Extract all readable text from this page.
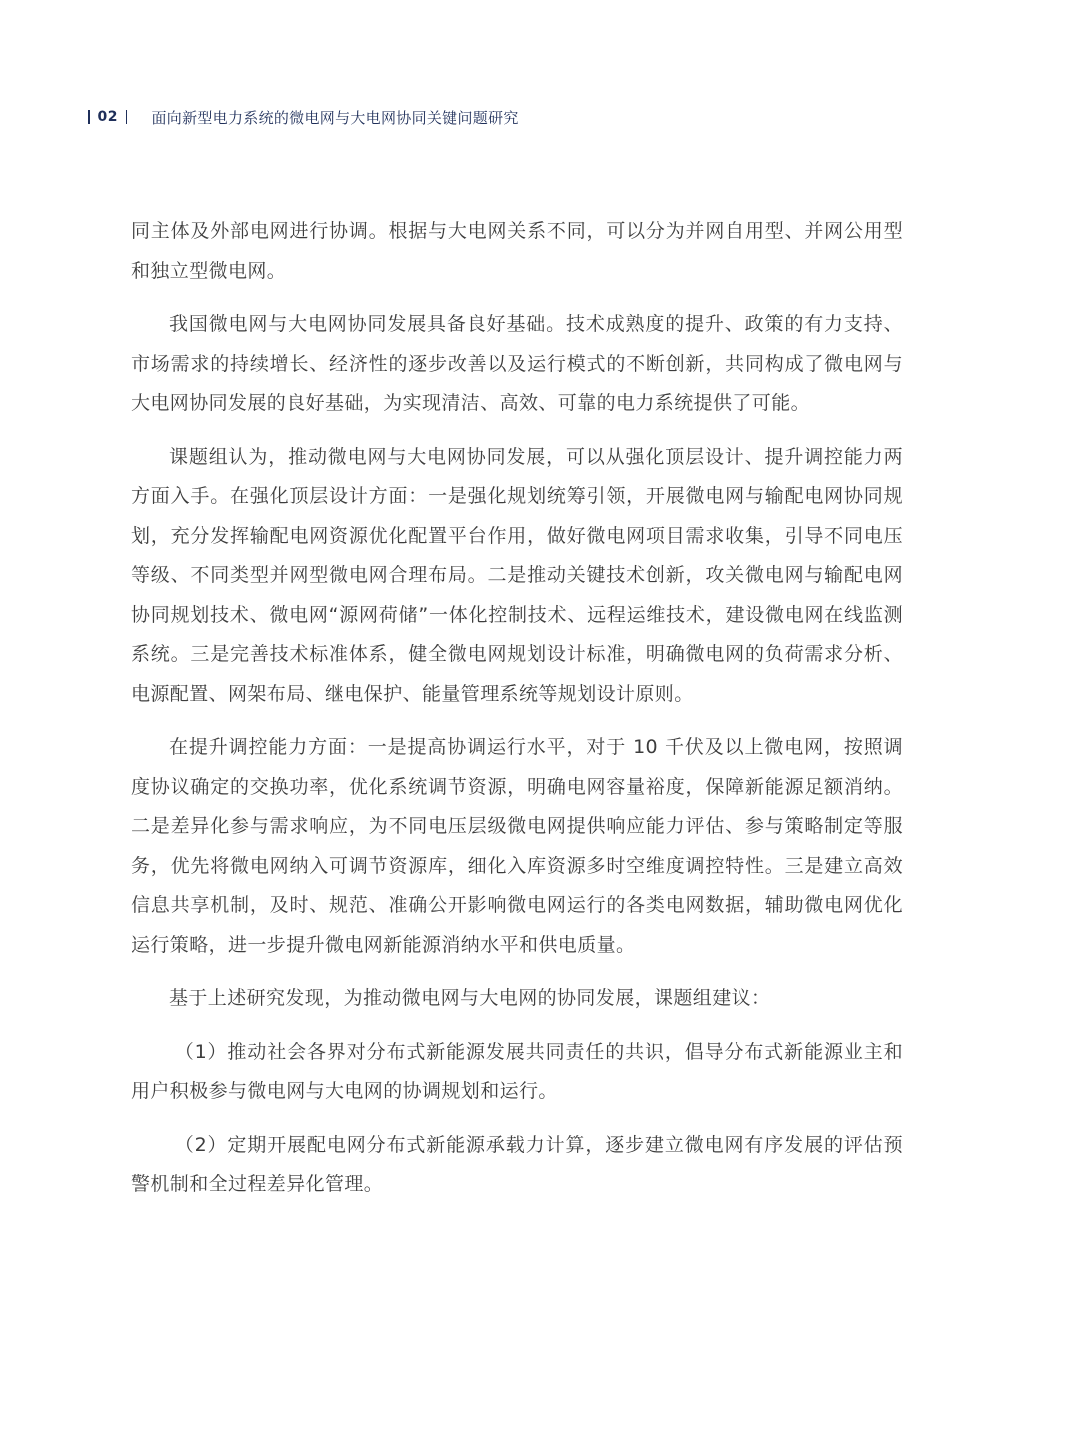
02 面向新型电力系统的微电网与大电网协同关键问题研究

同主体及外部电网进行协调。根据与大电网关系不同，可以分为并网自用型、并网公用型和独立型微电网。

我国微电网与大电网协同发展具备良好基础。技术成熟度的提升、政策的有力支持、市场需求的持续增长、经济性的逐步改善以及运行模式的不断创新，共同构成了微电网与大电网协同发展的良好基础，为实现清洁、高效、可靠的电力系统提供了可能。

课题组认为，推动微电网与大电网协同发展，可以从强化顶层设计、提升调控能力两方面入手。在强化顶层设计方面：一是强化规划统筹引领，开展微电网与输配电网协同规划，充分发挥输配电网资源优化配置平台作用，做好微电网项目需求收集，引导不同电压等级、不同类型并网型微电网合理布局。二是推动关键技术创新，攻关微电网与输配电网协同规划技术、微电网“源网荷储”一体化控制技术、远程运维技术，建设微电网在线监测系统。三是完善技术标准体系，健全微电网规划设计标准，明确微电网的负荷需求分析、电源配置、网架布局、继电保护、能量管理系统等规划设计原则。

在提升调控能力方面：一是提高协调运行水平，对于 10 千伏及以上微电网，按照调度协议确定的交换功率，优化系统调节资源，明确电网容量裕度，保障新能源足额消纳。二是差异化参与需求响应，为不同电压层级微电网提供响应能力评估、参与策略制定等服务，优先将微电网纳入可调节资源库，细化入库资源多时空维度调控特性。三是建立高效信息共享机制，及时、规范、准确公开影响微电网运行的各类电网数据，辅助微电网优化运行策略，进一步提升微电网新能源消纳水平和供电质量。

基于上述研究发现，为推动微电网与大电网的协同发展，课题组建议：

（1）推动社会各界对分布式新能源发展共同责任的共识，倡导分布式新能源业主和用户积极参与微电网与大电网的协调规划和运行。

（2）定期开展配电网分布式新能源承载力计算，逐步建立微电网有序发展的评估预警机制和全过程差异化管理。
